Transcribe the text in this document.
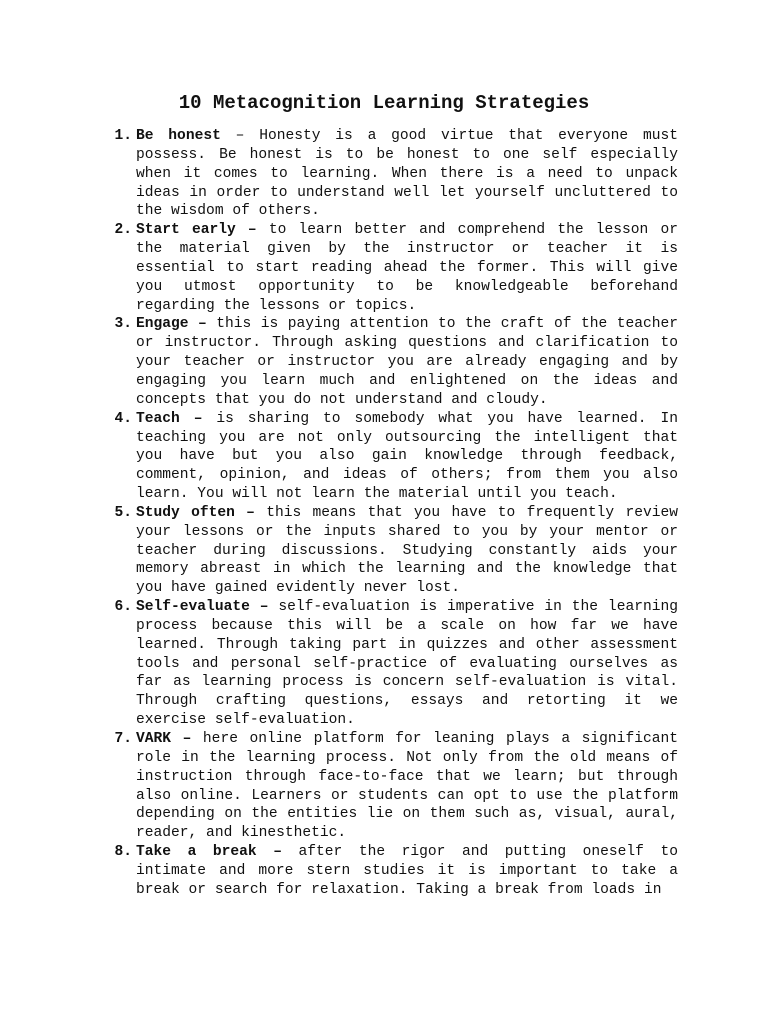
10 Metacognition Learning Strategies
1. Be honest – Honesty is a good virtue that everyone must possess. Be honest is to be honest to one self especially when it comes to learning. When there is a need to unpack ideas in order to understand well let yourself uncluttered to the wisdom of others.
2. Start early – to learn better and comprehend the lesson or the material given by the instructor or teacher it is essential to start reading ahead the former. This will give you utmost opportunity to be knowledgeable beforehand regarding the lessons or topics.
3. Engage – this is paying attention to the craft of the teacher or instructor. Through asking questions and clarification to your teacher or instructor you are already engaging and by engaging you learn much and enlightened on the ideas and concepts that you do not understand and cloudy.
4. Teach – is sharing to somebody what you have learned. In teaching you are not only outsourcing the intelligent that you have but you also gain knowledge through feedback, comment, opinion, and ideas of others; from them you also learn. You will not learn the material until you teach.
5. Study often – this means that you have to frequently review your lessons or the inputs shared to you by your mentor or teacher during discussions. Studying constantly aids your memory abreast in which the learning and the knowledge that you have gained evidently never lost.
6. Self-evaluate – self-evaluation is imperative in the learning process because this will be a scale on how far we have learned. Through taking part in quizzes and other assessment tools and personal self-practice of evaluating ourselves as far as learning process is concern self-evaluation is vital. Through crafting questions, essays and retorting it we exercise self-evaluation.
7. VARK – here online platform for leaning plays a significant role in the learning process. Not only from the old means of instruction through face-to-face that we learn; but through also online. Learners or students can opt to use the platform depending on the entities lie on them such as, visual, aural, reader, and kinesthetic.
8. Take a break – after the rigor and putting oneself to intimate and more stern studies it is important to take a break or search for relaxation. Taking a break from loads in
